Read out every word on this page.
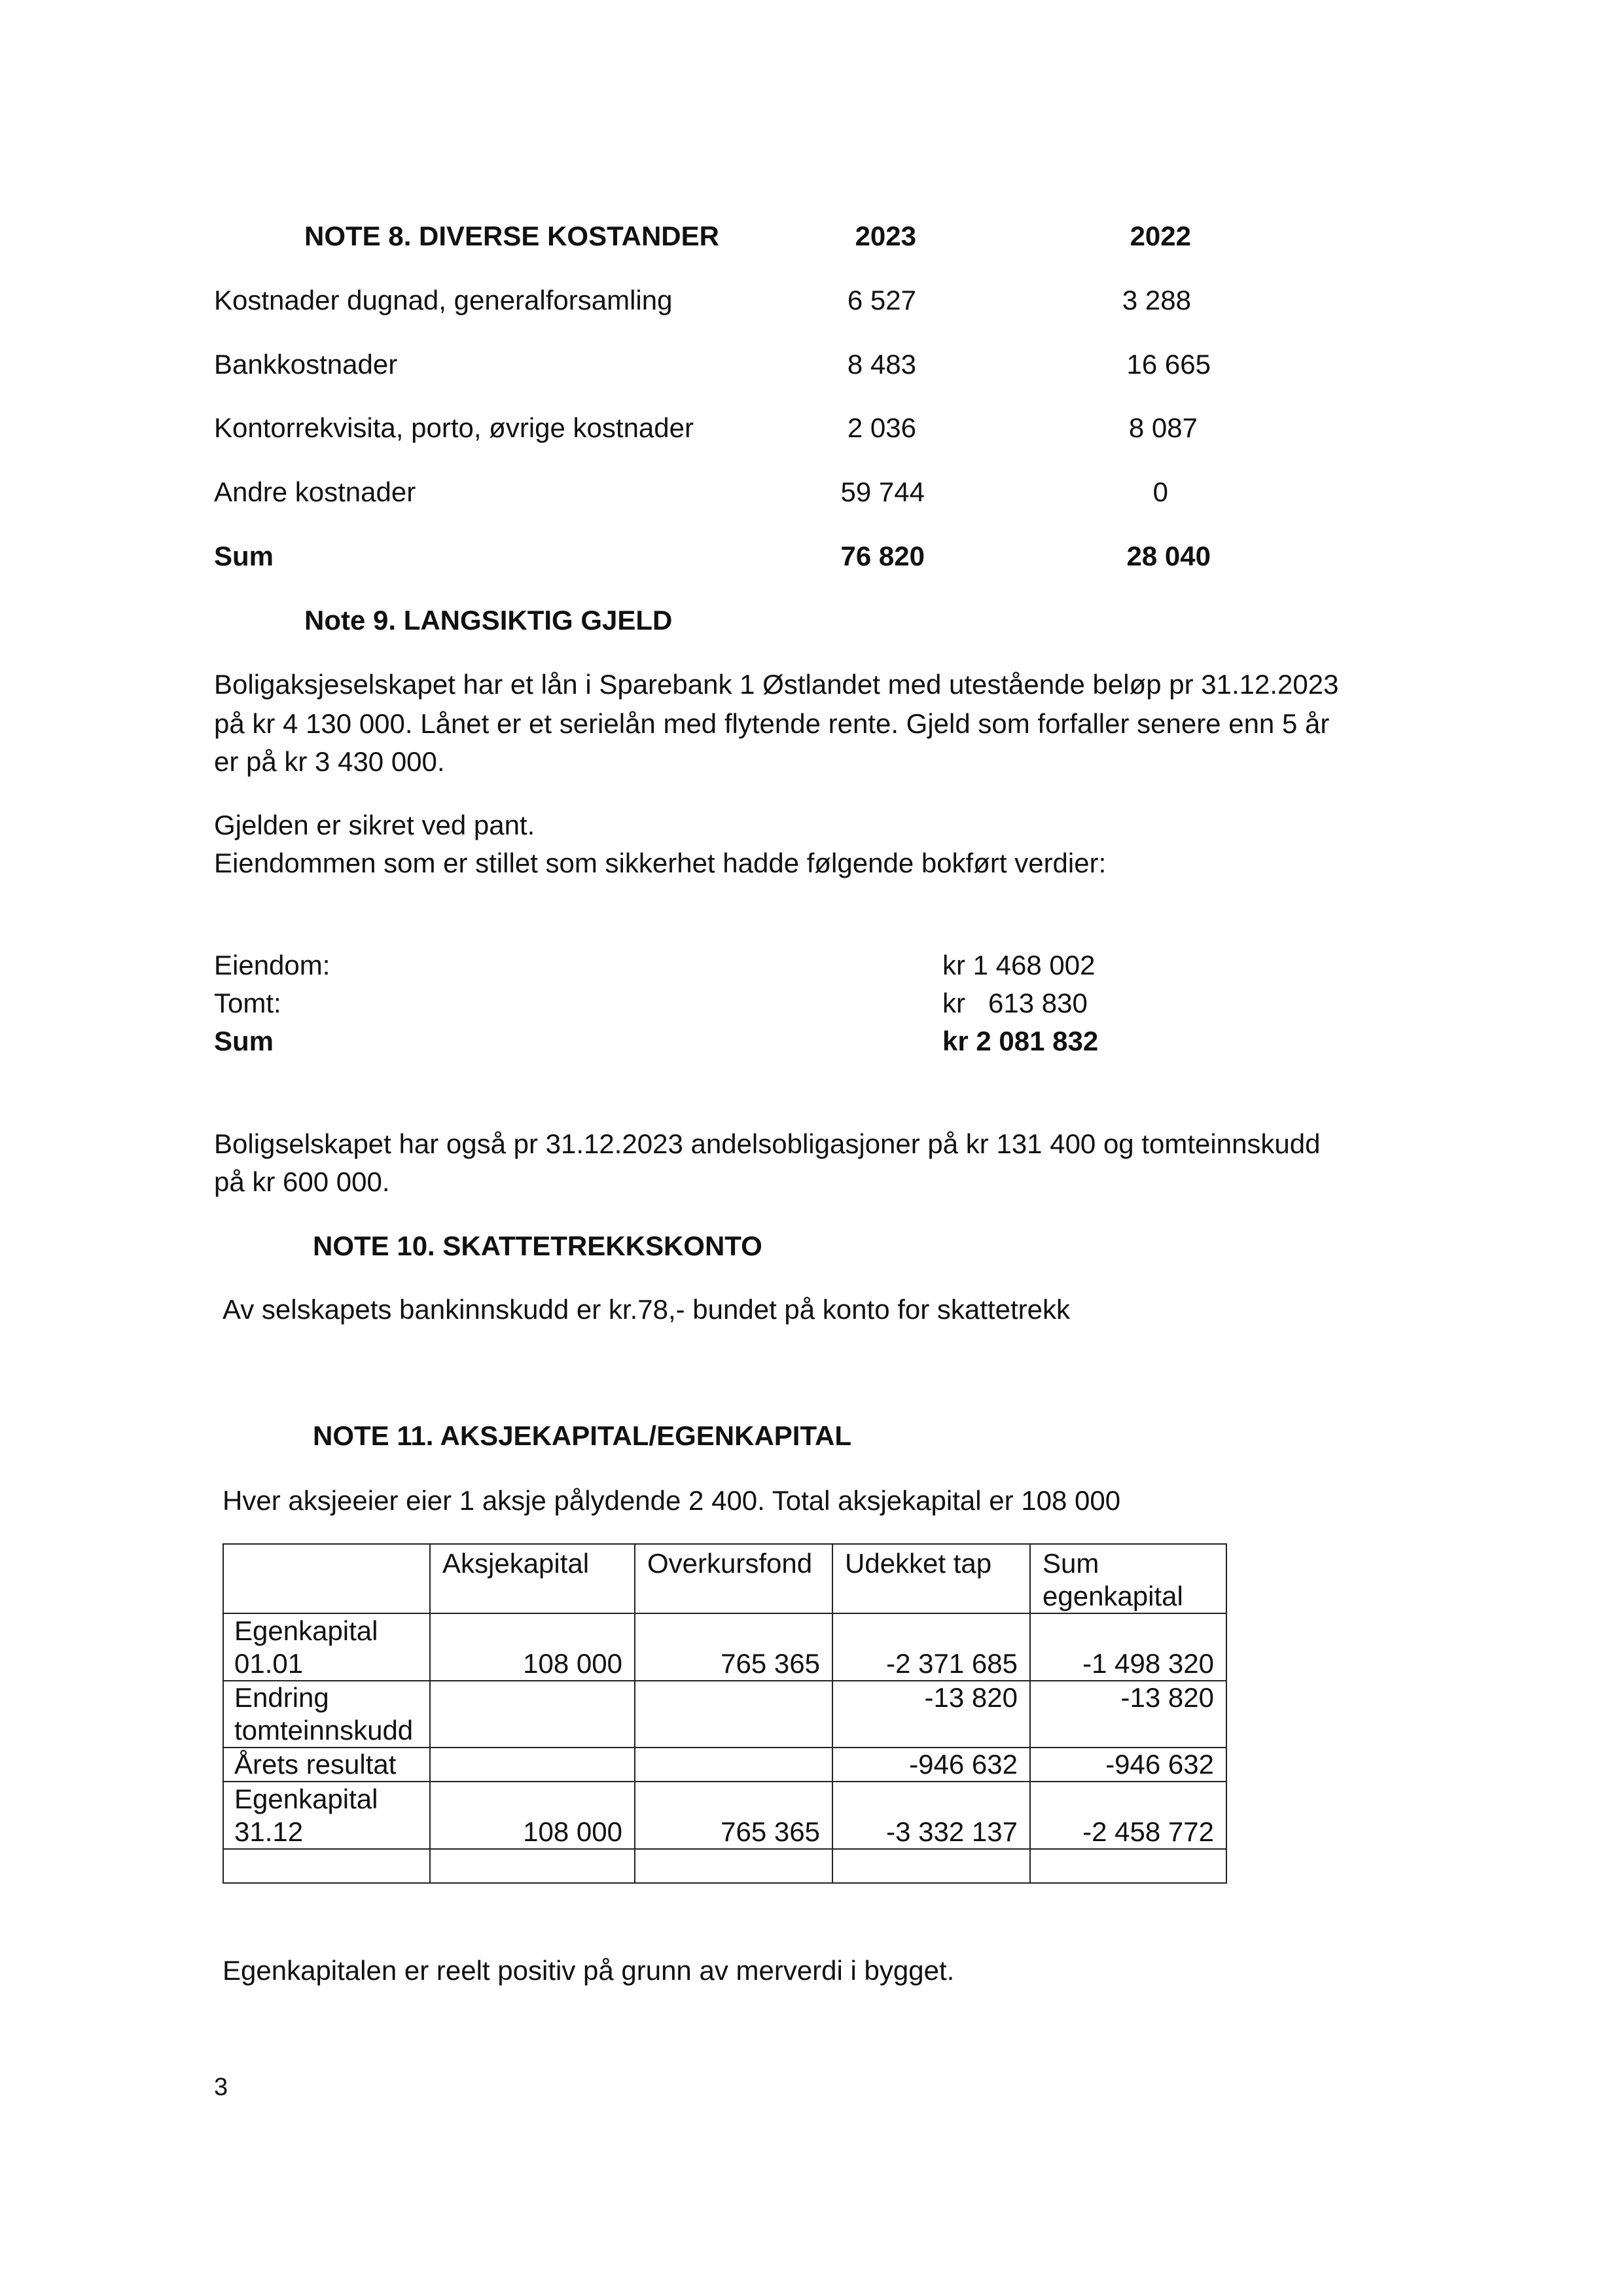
NOTE 8. DIVERSE KOSTANDER	2023	2022
Kostnader dugnad, generalforsamling	6 527	3 288
Bankkostnader	8 483	16 665
Kontorrekvisita, porto, øvrige kostnader	2 036	8 087
Andre kostnader	59 744	0
Sum	76 820	28 040
Note 9. LANGSIKTIG GJELD
Boligaksjeselskapet har et lån i Sparebank 1 Østlandet med utestående beløp pr 31.12.2023
på kr 4 130 000. Lånet er et serielån med flytende rente. Gjeld som forfaller senere enn 5 år
er på kr 3 430 000.
Gjelden er sikret ved pant.
Eiendommen som er stillet som sikkerhet hadde følgende bokført verdier:
Eiendom:	kr 1 468 002
Tomt:	kr   613 830
Sum	kr 2 081 832
Boligselskapet har også pr 31.12.2023 andelsobligasjoner på kr 131 400 og tomteinnskudd
på kr 600 000.
NOTE 10. SKATTETREKKSKONTO
Av selskapets bankinnskudd er kr.78,- bundet på konto for skattetrekk
NOTE 11. AKSJEKAPITAL/EGENKAPITAL
Hver aksjeeier eier 1 aksje pålydende 2 400. Total aksjekapital er 108 000
	Aksjekapital	Overkursfond	Udekket tap	Sum egenkapital
Egenkapital 01.01	108 000	765 365	-2 371 685	-1 498 320
Endring tomteinnskudd			-13 820	-13 820
Årets resultat			-946 632	-946 632
Egenkapital 31.12	108 000	765 365	-3 332 137	-2 458 772

Egenkapitalen er reelt positiv på grunn av merverdi i bygget.
3
